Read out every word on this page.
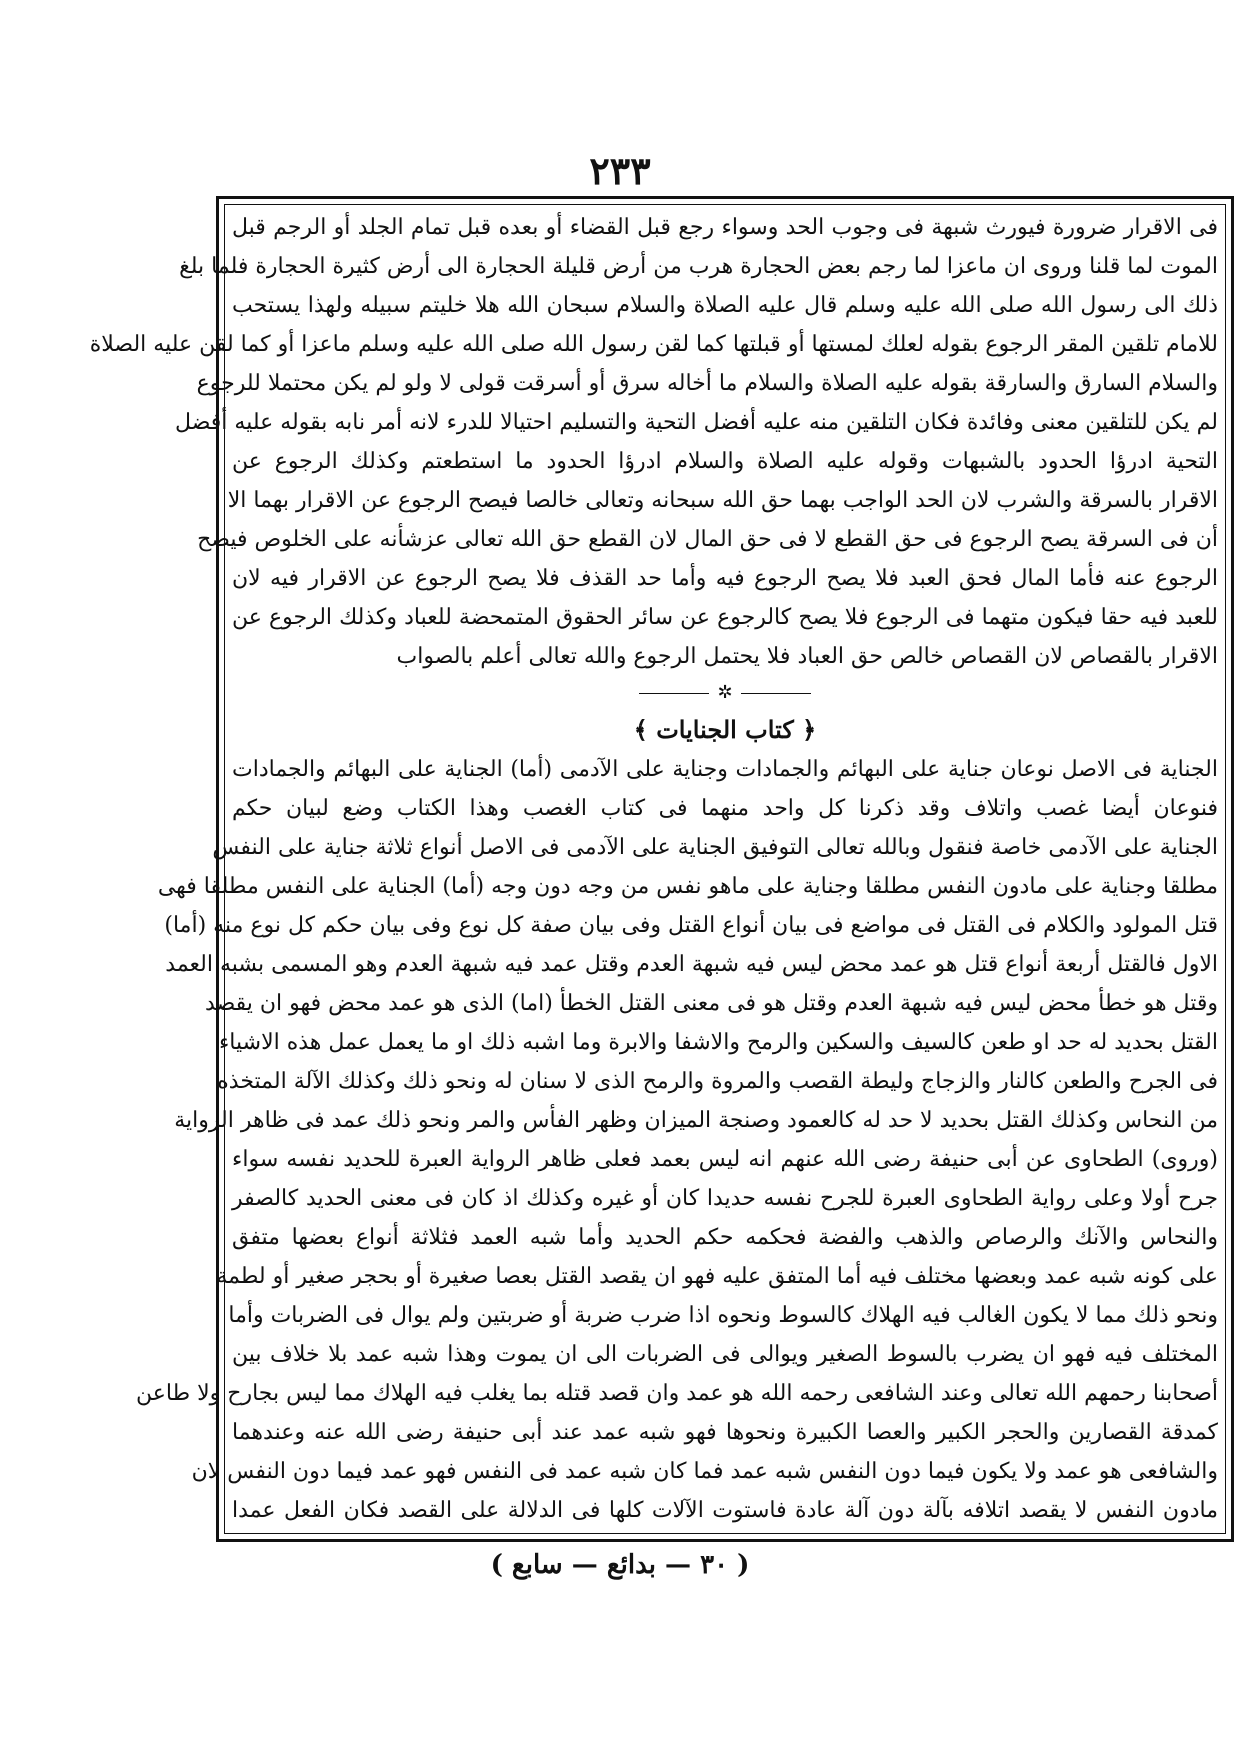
٢٣٣
فى الاقرار ضرورة فيورث شبهة فى وجوب الحد وسواء رجع قبل القضاء أو بعده قبل تمام الجلد أو الرجم قبل
الموت لما قلنا وروى ان ماعزا لما رجم بعض الحجارة هرب من أرض قليلة الحجارة الى أرض كثيرة الحجارة فلما بلغ
ذلك الى رسول الله صلى الله عليه وسلم قال عليه الصلاة والسلام سبحان الله هلا خليتم سبيله ولهذا يستحب
للامام تلقين المقر الرجوع بقوله لعلك لمستها أو قبلتها كما لقن رسول الله صلى الله عليه وسلم ماعزا أو كما لقن عليه الصلاة
والسلام السارق والسارقة بقوله عليه الصلاة والسلام ما أخاله سرق أو أسرقت قولى لا ولو لم يكن محتملا للرجوع
لم يكن للتلقين معنى وفائدة فكان التلقين منه عليه أفضل التحية والتسليم احتيالا للدرء لانه أمر نابه بقوله عليه أفضل
التحية ادرؤا الحدود بالشبهات وقوله عليه الصلاة والسلام ادرؤا الحدود ما استطعتم وكذلك الرجوع عن
الاقرار بالسرقة والشرب لان الحد الواجب بهما حق الله سبحانه وتعالى خالصا فيصح الرجوع عن الاقرار بهما الا
أن فى السرقة يصح الرجوع فى حق القطع لا فى حق المال لان القطع حق الله تعالى عزشأنه على الخلوص فيصح
الرجوع عنه فأما المال فحق العبد فلا يصح الرجوع فيه وأما حد القذف فلا يصح الرجوع عن الاقرار فيه لان
للعبد فيه حقا فيكون متهما فى الرجوع فلا يصح كالرجوع عن سائر الحقوق المتمحضة للعباد وكذلك الرجوع عن
الاقرار بالقصاص لان القصاص خالص حق العباد فلا يحتمل الرجوع والله تعالى أعلم بالصواب
✲
﴿ كتاب الجنايات ﴾
الجناية فى الاصل نوعان جناية على البهائم والجمادات وجناية على الآدمى (أما) الجناية على البهائم والجمادات
فنوعان أيضا غصب واتلاف وقد ذكرنا كل واحد منهما فى كتاب الغصب وهذا الكتاب وضع لبيان حكم
الجناية على الآدمى خاصة فنقول وبالله تعالى التوفيق الجناية على الآدمى فى الاصل أنواع ثلاثة جناية على النفس
مطلقا وجناية على مادون النفس مطلقا وجناية على ماهو نفس من وجه دون وجه (أما) الجناية على النفس مطلقا فهى
قتل المولود والكلام فى القتل فى مواضع فى بيان أنواع القتل وفى بيان صفة كل نوع وفى بيان حكم كل نوع منه (أما)
الاول فالقتل أربعة أنواع قتل هو عمد محض ليس فيه شبهة العدم وقتل عمد فيه شبهة العدم وهو المسمى بشبه العمد
وقتل هو خطأ محض ليس فيه شبهة العدم وقتل هو فى معنى القتل الخطأ (اما) الذى هو عمد محض فهو ان يقصد
القتل بحديد له حد او طعن كالسيف والسكين والرمح والاشفا والابرة وما اشبه ذلك او ما يعمل عمل هذه الاشياء
فى الجرح والطعن كالنار والزجاج وليطة القصب والمروة والرمح الذى لا سنان له ونحو ذلك وكذلك الآلة المتخذه
من النحاس وكذلك القتل بحديد لا حد له كالعمود وصنجة الميزان وظهر الفأس والمر ونحو ذلك عمد فى ظاهر الرواية
(وروى) الطحاوى عن أبى حنيفة رضى الله عنهم انه ليس بعمد فعلى ظاهر الرواية العبرة للحديد نفسه سواء
جرح أولا وعلى رواية الطحاوى العبرة للجرح نفسه حديدا كان أو غيره وكذلك اذ كان فى معنى الحديد كالصفر
والنحاس والآنك والرصاص والذهب والفضة فحكمه حكم الحديد وأما شبه العمد فثلاثة أنواع بعضها متفق
على كونه شبه عمد وبعضها مختلف فيه أما المتفق عليه فهو ان يقصد القتل بعصا صغيرة أو بحجر صغير أو لطمة
ونحو ذلك مما لا يكون الغالب فيه الهلاك كالسوط ونحوه اذا ضرب ضربة أو ضربتين ولم يوال فى الضربات وأما
المختلف فيه فهو ان يضرب بالسوط الصغير ويوالى فى الضربات الى ان يموت وهذا شبه عمد بلا خلاف بين
أصحابنا رحمهم الله تعالى وعند الشافعى رحمه الله هو عمد وان قصد قتله بما يغلب فيه الهلاك مما ليس بجارح ولا طاعن
كمدقة القصارين والحجر الكبير والعصا الكبيرة ونحوها فهو شبه عمد عند أبى حنيفة رضى الله عنه وعندهما
والشافعى هو عمد ولا يكون فيما دون النفس شبه عمد فما كان شبه عمد فى النفس فهو عمد فيما دون النفس لان
مادون النفس لا يقصد اتلافه بآلة دون آلة عادة فاستوت الآلات كلها فى الدلالة على القصد فكان الفعل عمدا
( ٣٠ — بدائع — سابع )
